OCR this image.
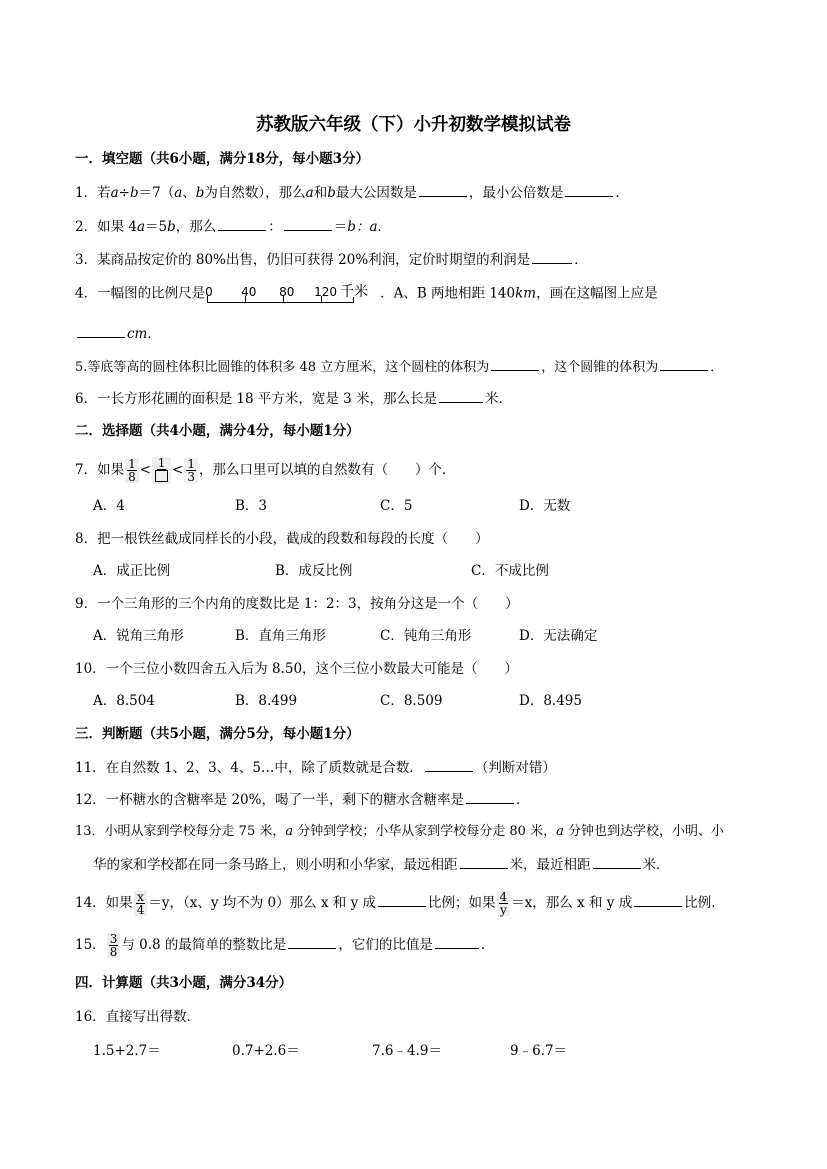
苏教版六年级（下）小升初数学模拟试卷
一．填空题（共6小题，满分18分，每小题3分）
1．若a÷b＝7（a、b为自然数），那么a和b最大公因数是	，最小公倍数是	．
2．如果 4a＝5b，那么	：	＝b：a．
3．某商品按定价的 80%出售，仍旧可获得 20%利润，定价时期望的利润是	．
4．一幅图的比例尺是 0 40 80 120 千米 ．A、B 两地相距 140km，画在这幅图上应是
cm．
5.等底等高的圆柱体积比圆锥的体积多 48 立方厘米，这个圆柱的体积为	，这个圆锥的体积为	．
6．一长方形花圃的面积是 18 平方米，宽是 3 米，那么长是	米．
二．选择题（共4小题，满分4分，每小题1分）
7．如果 $\frac{1}{8} < 1 < \frac{1}{3}$ ，那么口里可以填的自然数有（　　）个．
A．4	B．3	C．5	D．无数
8．把一根铁丝截成同样长的小段，截成的段数和每段的长度（　　）
A．成正比例	B．成反比例	C．不成比例
9．一个三角形的三个内角的度数比是 1：2：3，按角分这是一个（　　）
A．锐角三角形	B．直角三角形	C．钝角三角形	D．无法确定
10．一个三位小数四舍五入后为 8.50，这个三位小数最大可能是（　　）
A．8.504	B．8.499	C．8.509	D．8.495
三．判断题（共5小题，满分5分，每小题1分）
11．在自然数 1、2、3、4、5…中，除了质数就是合数．	（判断对错）
12．一杯糖水的含糖率是 20%，喝了一半，剩下的糖水含糖率是	．
13．小明从家到学校每分走 75 米，a 分钟到学校；小华从家到学校每分走 80 米，a 分钟也到达学校，小明、小
华的家和学校都在同一条马路上，则小明和小华家，最远相距	米，最近相距	米．
14．如果 $\frac{x}{4} =y$，（x、y 均不为 0）那么 x 和 y 成	比例；如果 $\frac{4}{y} =x$，那么 x 和 y 成	比例．
15． $\frac{3}{8}$ 与 0.8 的最简单的整数比是	，它们的比值是	．
四．计算题（共3小题，满分34分）
16．直接写出得数．
1.5+2.7＝	0.7+2.6＝	7.6﹣4.9＝	9﹣6.7＝
